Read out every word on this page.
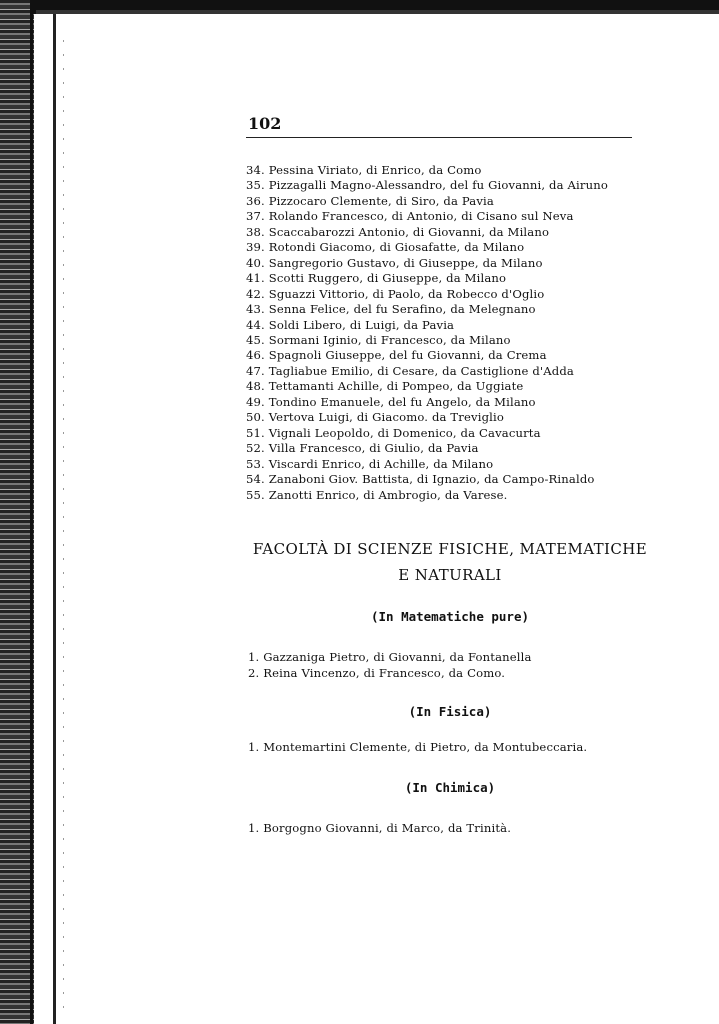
102
34. Pessina Viriato, di Enrico, da Como
35. Pizzagalli Magno-Alessandro, del fu Giovanni, da Airuno
36. Pizzocaro Clemente, di Siro, da Pavia
37. Rolando Francesco, di Antonio, di Cisano sul Neva
38. Scaccabarozzi Antonio, di Giovanni, da Milano
39. Rotondi Giacomo, di Giosafatte, da Milano
40. Sangregorio Gustavo, di Giuseppe, da Milano
41. Scotti Ruggero, di Giuseppe, da Milano
42. Sguazzi Vittorio, di Paolo, da Robecco d'Oglio
43. Senna Felice, del fu Serafino, da Melegnano
44. Soldi Libero, di Luigi, da Pavia
45. Sormani Iginio, di Francesco, da Milano
46. Spagnoli Giuseppe, del fu Giovanni, da Crema
47. Tagliabue Emilio, di Cesare, da Castiglione d'Adda
48. Tettamanti Achille, di Pompeo, da Uggiate
49. Tondino Emanuele, del fu Angelo, da Milano
50. Vertova Luigi, di Giacomo. da Treviglio
51. Vignali Leopoldo, di Domenico, da Cavacurta
52. Villa Francesco, di Giulio, da Pavia
53. Viscardi Enrico, di Achille, da Milano
54. Zanaboni Giov. Battista, di Ignazio, da Campo-Rinaldo
55. Zanotti Enrico, di Ambrogio, da Varese.
FACOLTÀ DI SCIENZE FISICHE, MATEMATICHE
E NATURALI
(In Matematiche pure)
1. Gazzaniga Pietro, di Giovanni, da Fontanella
2. Reina Vincenzo, di Francesco, da Como.
(In Fisica)
1. Montemartini Clemente, di Pietro, da Montubeccaria.
(In Chimica)
1. Borgogno Giovanni, di Marco, da Trinità.
